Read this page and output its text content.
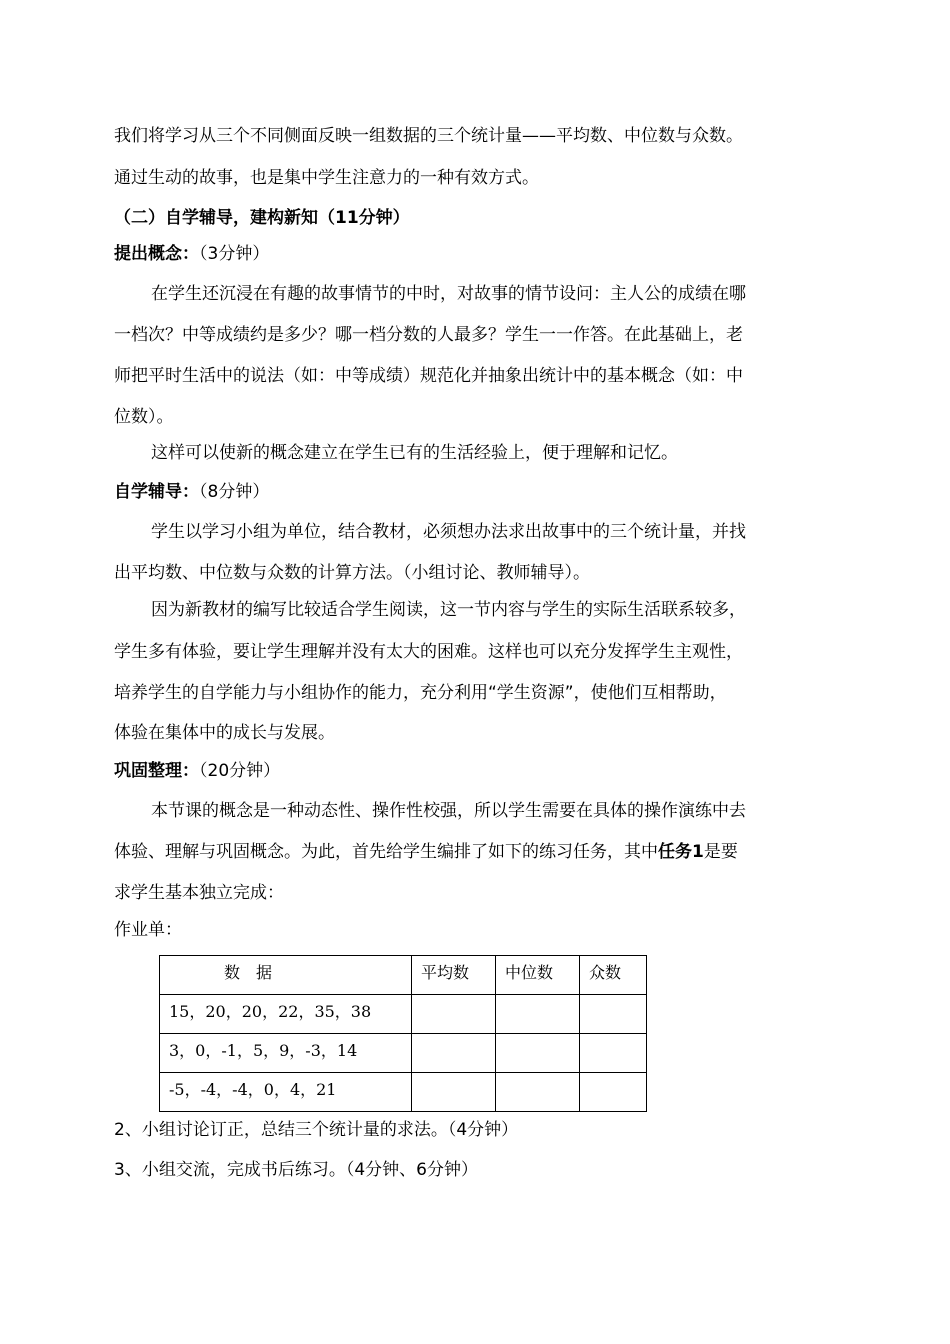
我们将学习从三个不同侧面反映一组数据的三个统计量——平均数、中位数与众数。
通过生动的故事，也是集中学生注意力的一种有效方式。
（二）自学辅导，建构新知（11分钟）
提出概念：（3分钟）
在学生还沉浸在有趣的故事情节的中时，对故事的情节设问：主人公的成绩在哪
一档次？中等成绩约是多少？哪一档分数的人最多？学生一一作答。在此基础上，老
师把平时生活中的说法（如：中等成绩）规范化并抽象出统计中的基本概念（如：中
位数）。
这样可以使新的概念建立在学生已有的生活经验上，便于理解和记忆。
自学辅导：（8分钟）
学生以学习小组为单位，结合教材，必须想办法求出故事中的三个统计量，并找
出平均数、中位数与众数的计算方法。（小组讨论、教师辅导）。
因为新教材的编写比较适合学生阅读，这一节内容与学生的实际生活联系较多，
学生多有体验，要让学生理解并没有太大的困难。这样也可以充分发挥学生主观性，
培养学生的自学能力与小组协作的能力，充分利用“学生资源”，使他们互相帮助，
体验在集体中的成长与发展。
巩固整理：（20分钟）
本节课的概念是一种动态性、操作性校强，所以学生需要在具体的操作演练中去
体验、理解与巩固概念。为此，首先给学生编排了如下的练习任务，其中任务1是要
求学生基本独立完成：
作业单：
数　据	平均数	中位数	众数
15，20，20，22，35，38			
3，0，-1，5，9，-3，14			
-5，-4，-4，0，4，21			
2、小组讨论订正，总结三个统计量的求法。（4分钟）
3、小组交流，完成书后练习。（4分钟、6分钟）
